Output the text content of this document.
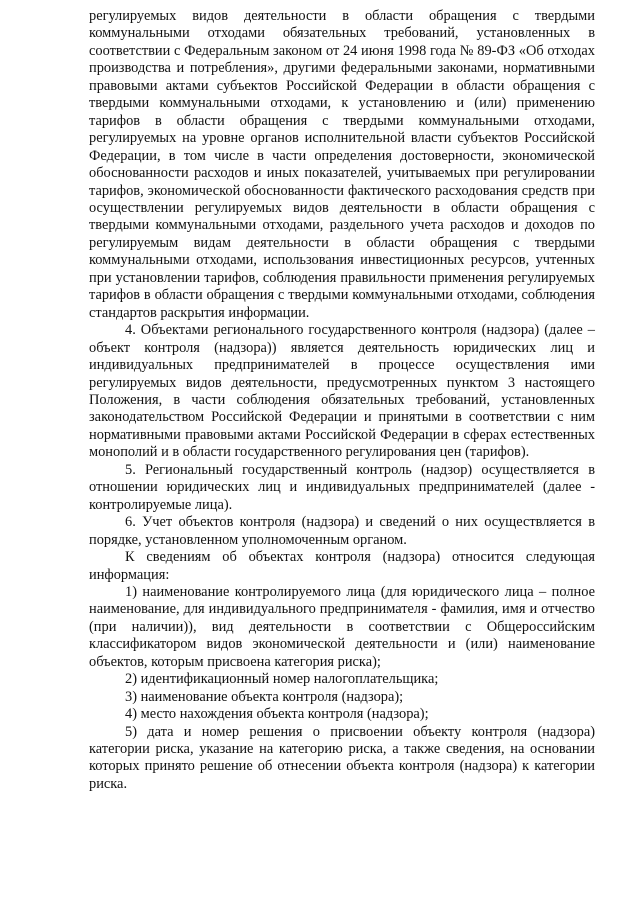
регулируемых видов деятельности в области обращения с твердыми коммунальными отходами обязательных требований, установленных в соответствии с Федеральным законом от 24 июня 1998 года № 89-ФЗ «Об отходах производства и потребления», другими федеральными законами, нормативными правовыми актами субъектов Российской Федерации в области обращения с твердыми коммунальными отходами, к установлению и (или) применению тарифов в области обращения с твердыми коммунальными отходами, регулируемых на уровне органов исполнительной власти субъектов Российской Федерации, в том числе в части определения достоверности, экономической обоснованности расходов и иных показателей, учитываемых при регулировании тарифов, экономической обоснованности фактического расходования средств при осуществлении регулируемых видов деятельности в области обращения с твердыми коммунальными отходами, раздельного учета расходов и доходов по регулируемым видам деятельности в области обращения с твердыми коммунальными отходами, использования инвестиционных ресурсов, учтенных при установлении тарифов, соблюдения правильности применения регулируемых тарифов в области обращения с твердыми коммунальными отходами, соблюдения стандартов раскрытия информации.

4. Объектами регионального государственного контроля (надзора) (далее – объект контроля (надзора)) является деятельность юридических лиц и индивидуальных предпринимателей в процессе осуществления ими регулируемых видов деятельности, предусмотренных пунктом 3 настоящего Положения, в части соблюдения обязательных требований, установленных законодательством Российской Федерации и принятыми в соответствии с ним нормативными правовыми актами Российской Федерации в сферах естественных монополий и в области государственного регулирования цен (тарифов).

5. Региональный государственный контроль (надзор) осуществляется в отношении юридических лиц и индивидуальных предпринимателей (далее - контролируемые лица).

6. Учет объектов контроля (надзора) и сведений о них осуществляется в порядке, установленном уполномоченным органом.

К сведениям об объектах контроля (надзора) относится следующая информация:

1) наименование контролируемого лица (для юридического лица – полное наименование, для индивидуального предпринимателя - фамилия, имя и отчество (при наличии)), вид деятельности в соответствии с Общероссийским классификатором видов экономической деятельности и (или) наименование объектов, которым присвоена категория риска);

2) идентификационный номер налогоплательщика;

3) наименование объекта контроля (надзора);

4) место нахождения объекта контроля (надзора);

5) дата и номер решения о присвоении объекту контроля (надзора) категории риска, указание на категорию риска, а также сведения, на основании которых принято решение об отнесении объекта контроля (надзора) к категории риска.
